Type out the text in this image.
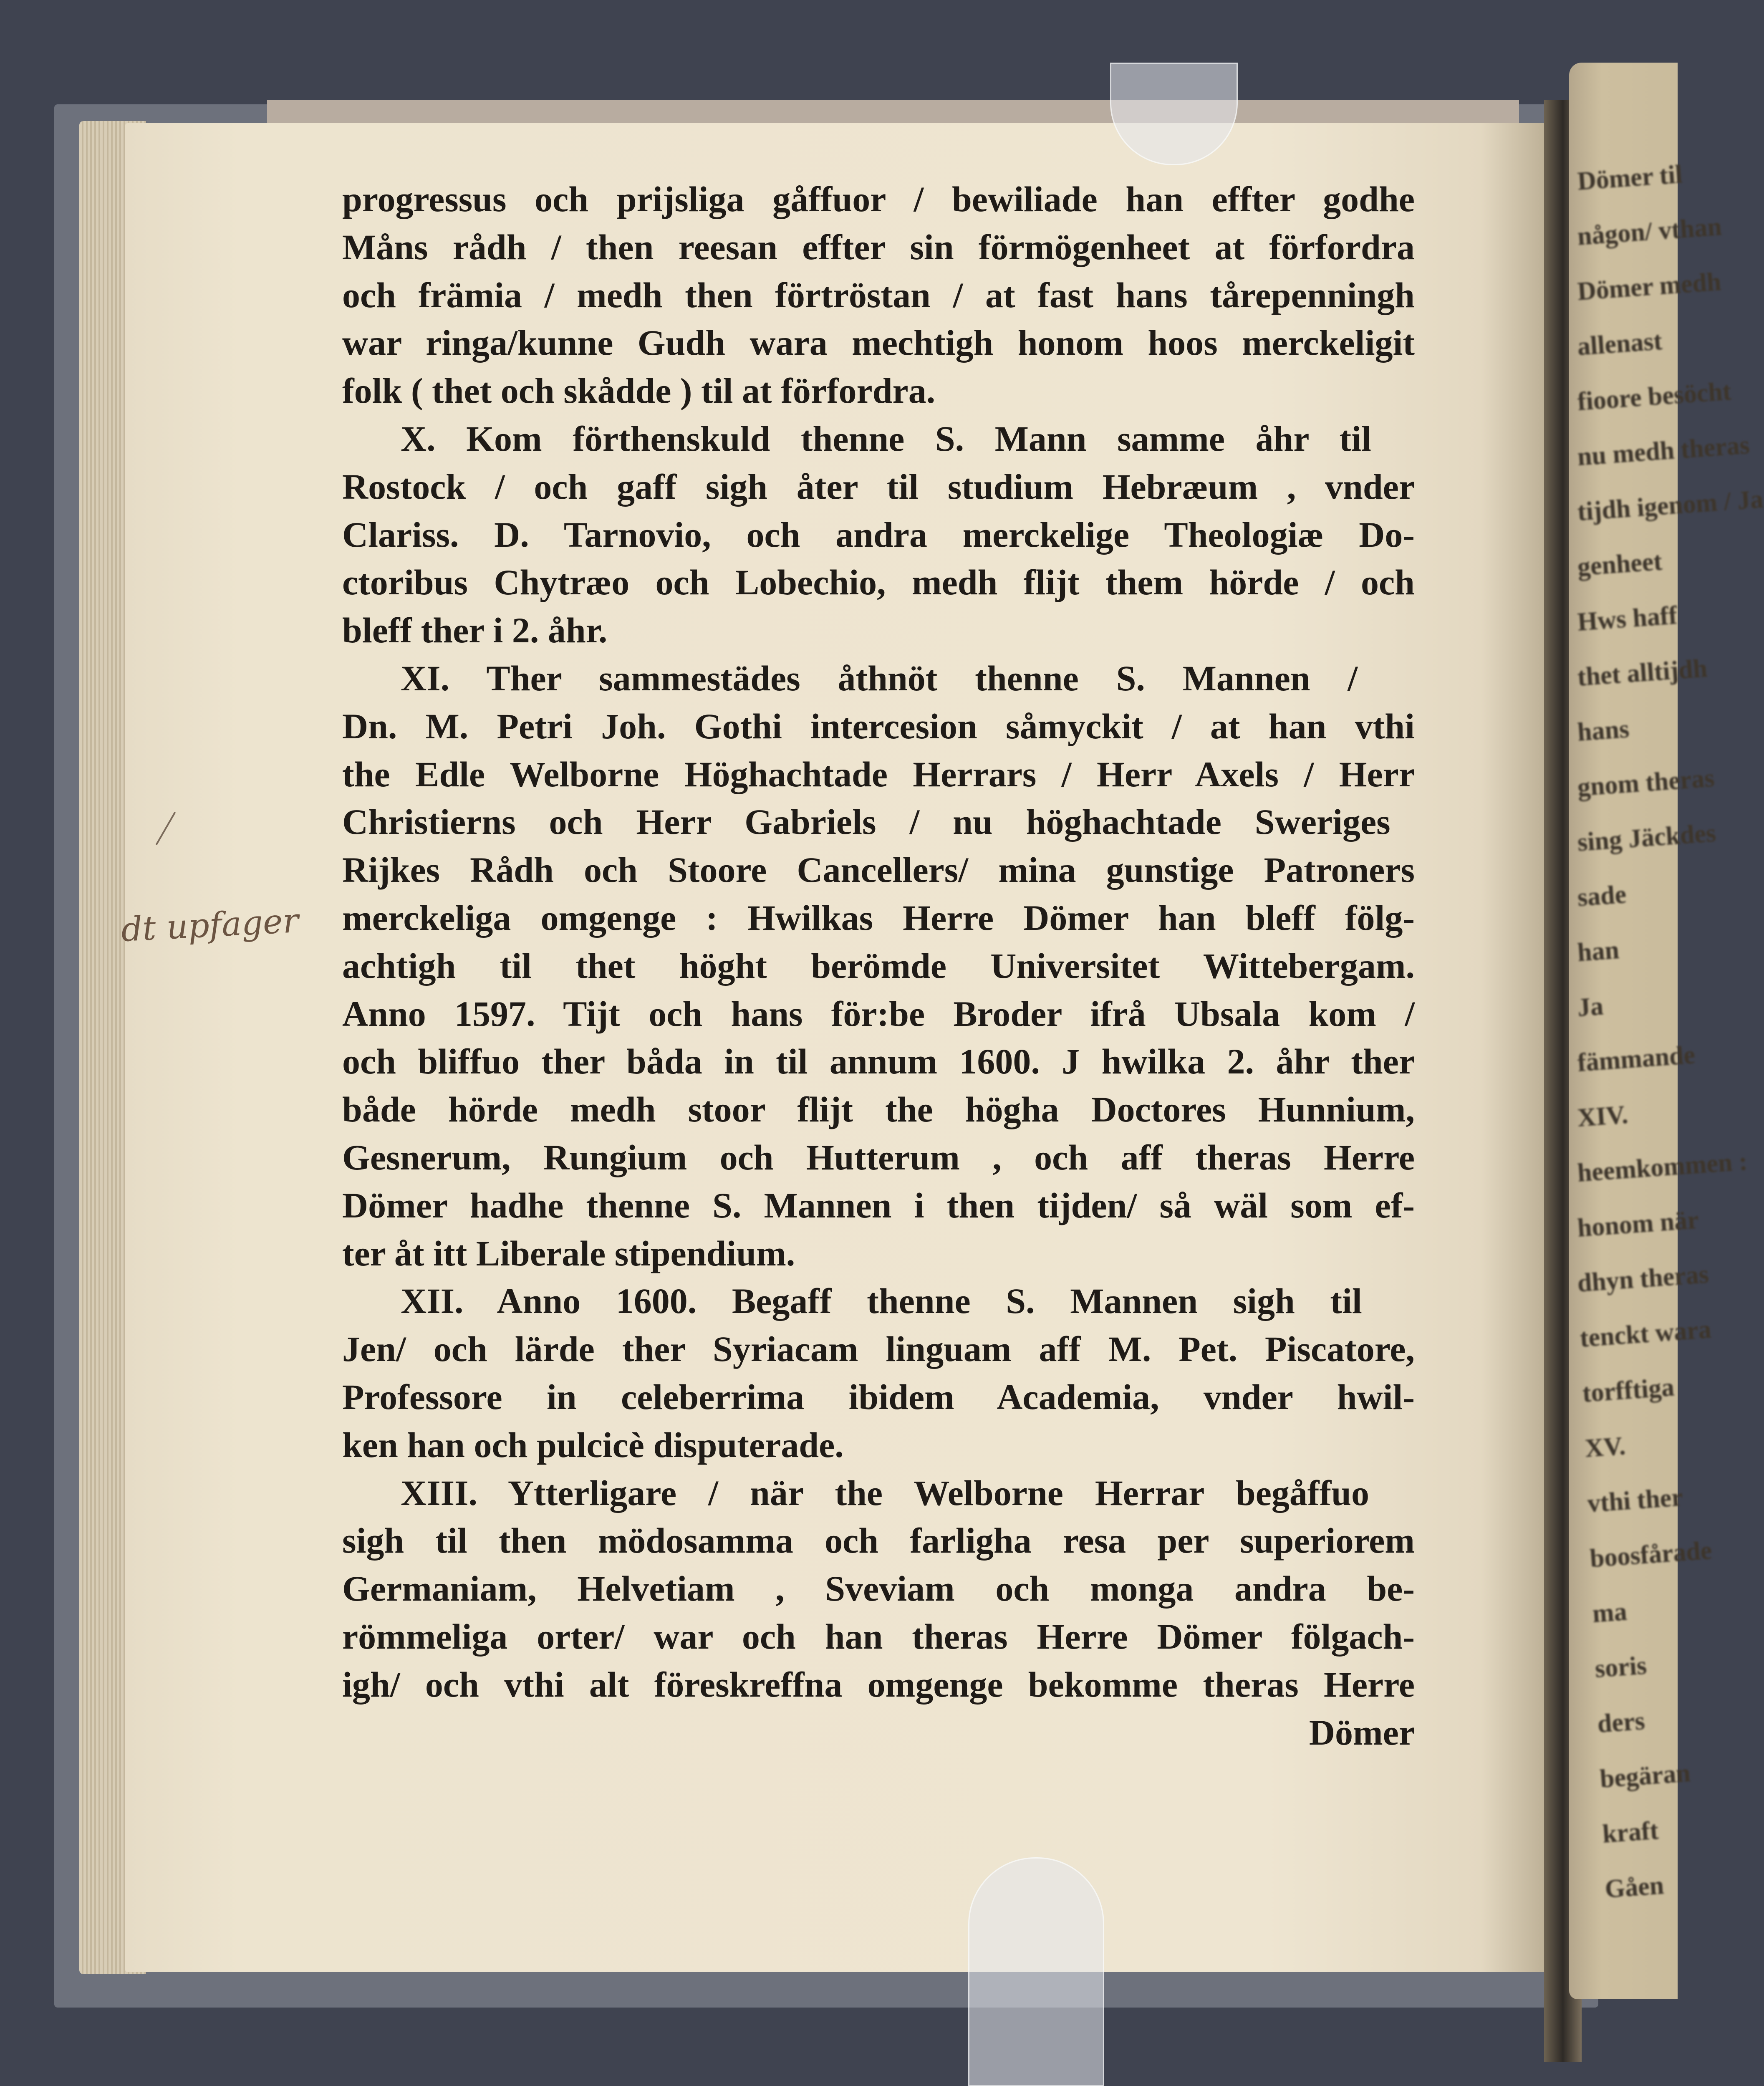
Dömer til
någon/ vthan
Dömer medh
allenast
fioore besöcht
nu medh theras
tijdh igenom / Ja
genheet
Hws haff
thet alltijdh
hans
gnom theras
sing Jäckdes
sade
han
Ja
fämmande
XIV.
heemkommen :
honom när
dhyn theras
tenckt wara
torfftiga
XV.
vthi ther
boosfårade
ma
soris
ders
begäran
kraft
Gåen
progressus och prijsliga gåffuor / bewiliade han effter godhe
Måns rådh / then reesan effter sin förmögenheet at förfordra
och främia / medh then förtröstan / at fast hans tårepenningh
war ringa/kunne Gudh wara mechtigh honom hoos merckeligit
folk ( thet och skådde ) til at förfordra.
X. Kom förthenskuld thenne S. Mann samme åhr til
Rostock / och gaff sigh åter til studium Hebræum , vnder
Clariss. D. Tarnovio, och andra merckelige Theologiæ Do-
ctoribus Chytræo och Lobechio, medh flijt them hörde / och
bleff ther i 2. åhr.
XI. Ther sammestädes åthnöt thenne S. Mannen /
Dn. M. Petri Joh. Gothi intercesion såmyckit / at han vthi
the Edle Welborne Höghachtade Herrars / Herr Axels / Herr
Christierns och Herr Gabriels / nu höghachtade Sweriges
Rijkes Rådh och Stoore Cancellers/ mina gunstige Patroners
merckeliga omgenge : Hwilkas Herre Dömer han bleff fölg-
achtigh til thet höght berömde Universitet Wittebergam.
Anno 1597. Tijt och hans för:be Broder ifrå Ubsala kom /
och bliffuo ther båda in til annum 1600. J hwilka 2. åhr ther
både hörde medh stoor flijt the högha Doctores Hunnium,
Gesnerum, Rungium och Hutterum , och aff theras Herre
Dömer hadhe thenne S. Mannen i then tijden/ så wäl som ef-
ter åt itt Liberale stipendium.
XII. Anno 1600. Begaff thenne S. Mannen sigh til
Jen/ och lärde ther Syriacam linguam aff M. Pet. Piscatore,
Professore in celeberrima ibidem Academia, vnder hwil-
ken han och pulcicè disputerade.
XIII. Ytterligare / när the Welborne Herrar begåffuo
sigh til then mödosamma och farligha resa per superiorem
Germaniam, Helvetiam , Sveviam och monga andra be-
römmeliga orter/ war och han theras Herre Dömer fölgach-
igh/ och vthi alt föreskreffna omgenge bekomme theras Herre
Dömer
dt upfager
